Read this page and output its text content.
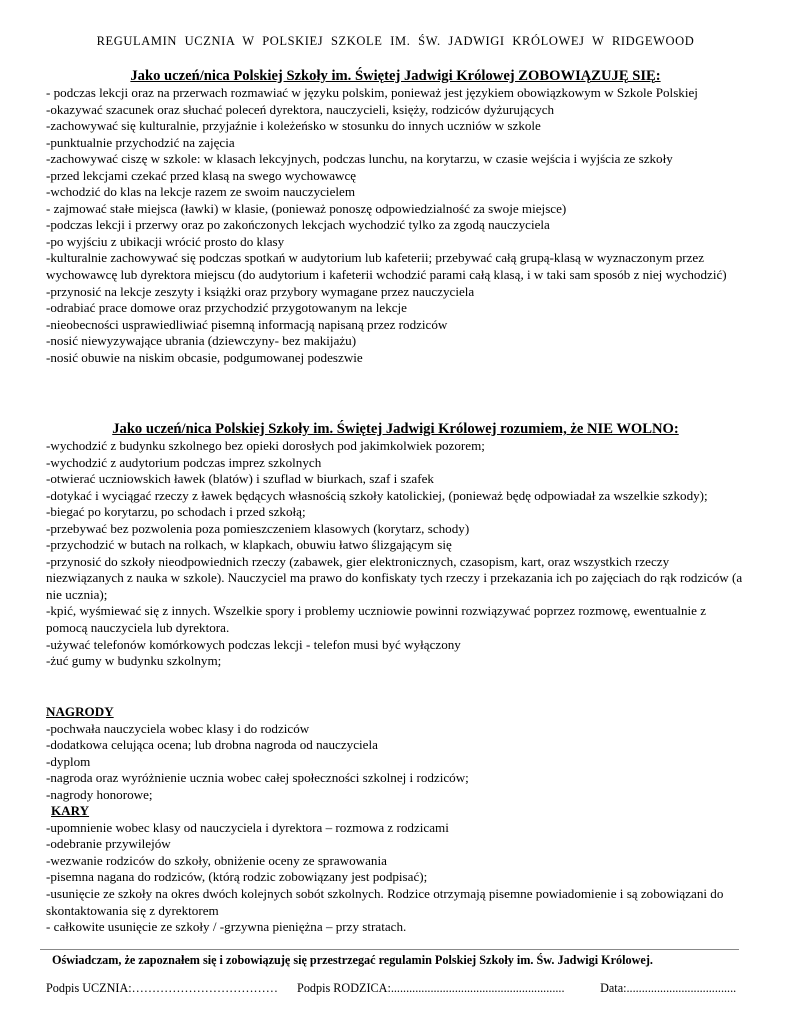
REGULAMIN UCZNIA W POLSKIEJ SZKOLE IM. ŚW. JADWIGI KRÓLOWEJ W RIDGEWOOD
Jako uczeń/nica Polskiej Szkoły im. Świętej Jadwigi Królowej ZOBOWIĄZUJĘ SIĘ:
- podczas lekcji oraz na przerwach rozmawiać w języku polskim, ponieważ jest językiem obowiązkowym w Szkole Polskiej
-okazywać szacunek oraz słuchać poleceń dyrektora, nauczycieli, księży, rodziców dyżurujących
-zachowywać się kulturalnie, przyjaźnie i koleżeńsko w stosunku do innych uczniów w szkole
-punktualnie przychodzić na zajęcia
-zachowywać ciszę w szkole: w klasach lekcyjnych, podczas lunchu, na korytarzu, w czasie wejścia i wyjścia ze szkoły
-przed lekcjami czekać przed klasą na swego wychowawcę
-wchodzić do klas na lekcje razem ze swoim nauczycielem
- zajmować stałe miejsca (ławki) w klasie, (ponieważ ponoszę odpowiedzialność za swoje miejsce)
-podczas lekcji i przerwy oraz po zakończonych lekcjach wychodzić tylko za zgodą nauczyciela
-po wyjściu z ubikacji wrócić prosto do klasy
-kulturalnie zachowywać się podczas spotkań w audytorium lub kafeterii; przebywać całą grupą-klasą w wyznaczonym przez wychowawcę lub dyrektora miejscu (do audytorium i kafeterii wchodzić parami całą klasą, i w taki sam sposób z niej wychodzić)
-przynosić na lekcje zeszyty i książki oraz przybory wymagane przez nauczyciela
-odrabiać prace domowe oraz przychodzić przygotowanym na lekcje
-nieobecności usprawiedliwiać pisemną informacją napisaną przez rodziców
-nosić niewyzywające ubrania (dziewczyny- bez makijażu)
-nosić obuwie na niskim obcasie, podgumowanej podeszwie
Jako uczeń/nica Polskiej Szkoły im. Świętej Jadwigi Królowej rozumiem, że NIE WOLNO:
-wychodzić z budynku szkolnego bez opieki dorosłych pod jakimkolwiek pozorem;
-wychodzić z audytorium podczas imprez szkolnych
-otwierać uczniowskich ławek (blatów) i szuflad w biurkach, szaf i szafek
-dotykać i wyciągać rzeczy z ławek będących własnością szkoły katolickiej, (ponieważ będę odpowiadał za wszelkie szkody);
-biegać po korytarzu, po schodach i przed szkołą;
-przebywać bez pozwolenia poza pomieszczeniem klasowych (korytarz, schody)
-przychodzić w butach na rolkach, w klapkach, obuwiu łatwo ślizgającym się
-przynosić do szkoły nieodpowiednich rzeczy (zabawek, gier elektronicznych, czasopism, kart, oraz wszystkich rzeczy niezwiązanych z nauka w szkole). Nauczyciel ma prawo do konfiskaty tych rzeczy i przekazania ich po zajęciach do rąk rodziców (a nie ucznia);
-kpić, wyśmiewać się z innych. Wszelkie spory i problemy uczniowie powinni rozwiązywać poprzez rozmowę, ewentualnie z pomocą nauczyciela lub dyrektora.
-używać telefonów komórkowych podczas lekcji - telefon musi być wyłączony
-żuć gumy w budynku szkolnym;
NAGRODY
-pochwała nauczyciela wobec klasy i do rodziców
-dodatkowa celująca ocena; lub drobna nagroda od nauczyciela
-dyplom
-nagroda oraz wyróżnienie ucznia wobec całej społeczności szkolnej i rodziców;
-nagrody honorowe;
KARY
-upomnienie wobec klasy od nauczyciela i dyrektora – rozmowa z rodzicami
-odebranie przywilejów
-wezwanie rodziców do szkoły, obniżenie oceny ze sprawowania
-pisemna nagana do rodziców, (którą rodzic zobowiązany jest podpisać);
-usunięcie ze szkoły na okres dwóch kolejnych sobót szkolnych. Rodzice otrzymają pisemne powiadomienie i są zobowiązani do skontaktowania się z dyrektorem
- całkowite usunięcie ze szkoły / -grzywna pieniężna – przy stratach.
Oświadczam, że zapoznałem się i zobowiązuję się przestrzegać regulamin Polskiej Szkoły im. Św. Jadwigi Królowej.
Podpis UCZNIA:……………………………… Podpis RODZICA:.........................................................	Data:....................................
